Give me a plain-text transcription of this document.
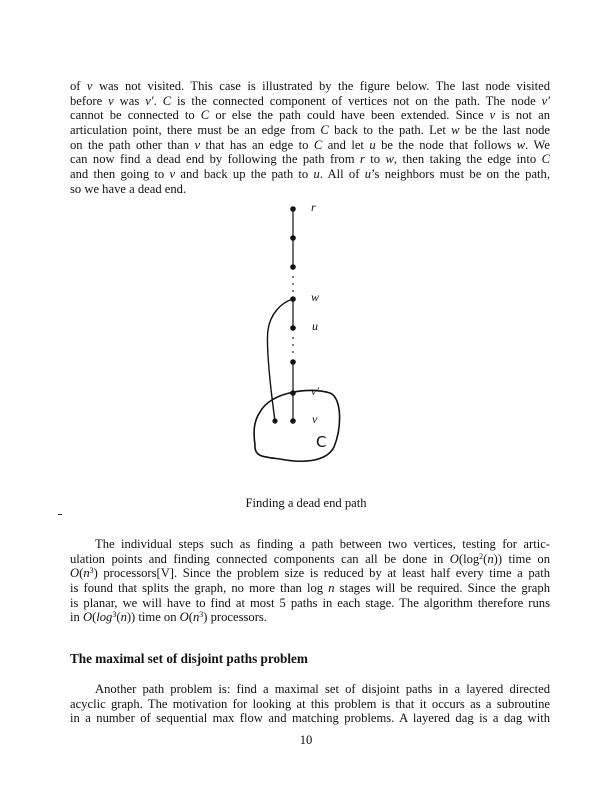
of v was not visited. This case is illustrated by the figure below. The last node visited
before v was v′. C is the connected component of vertices not on the path. The node v′
cannot be connected to C or else the path could have been extended. Since v is not an
articulation point, there must be an edge from C back to the path. Let w be the last node
on the path other than v that has an edge to C and let u be the node that follows w. We
can now find a dead end by following the path from r to w, then taking the edge into C
and then going to v and back up the path to u. All of u’s neighbors must be on the path,
so we have a dead end.
r
w
u
v′
v
C
Finding a dead end path
The individual steps such as finding a path between two vertices, testing for artic-
ulation points and finding connected components can all be done in $O(\log^2(n))$ time on
$O(n^3)$ processors[V]. Since the problem size is reduced by at least half every time a path
is found that splits the graph, no more than log n stages will be required. Since the graph
is planar, we will have to find at most 5 paths in each stage. The algorithm therefore runs
in $O(\log^3(n))$ time on $O(n^3)$ processors.
The maximal set of disjoint paths problem
Another path problem is: find a maximal set of disjoint paths in a layered directed
acyclic graph. The motivation for looking at this problem is that it occurs as a subroutine
in a number of sequential max flow and matching problems. A layered dag is a dag with
10
